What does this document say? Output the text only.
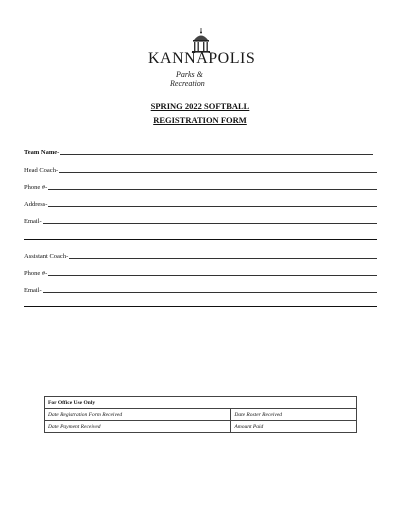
KANNAPOLIS
Parks &
Recreation
SPRING 2022 SOFTBALL
REGISTRATION FORM
Team Name-
Head Coach-
Phone #-
Address-
Email-
Assistant Coach-
Phone #-
Email-
For Office Use Only	
Date Registration Form Received	Date Roster Received
Date Payment Received	Amount Paid
